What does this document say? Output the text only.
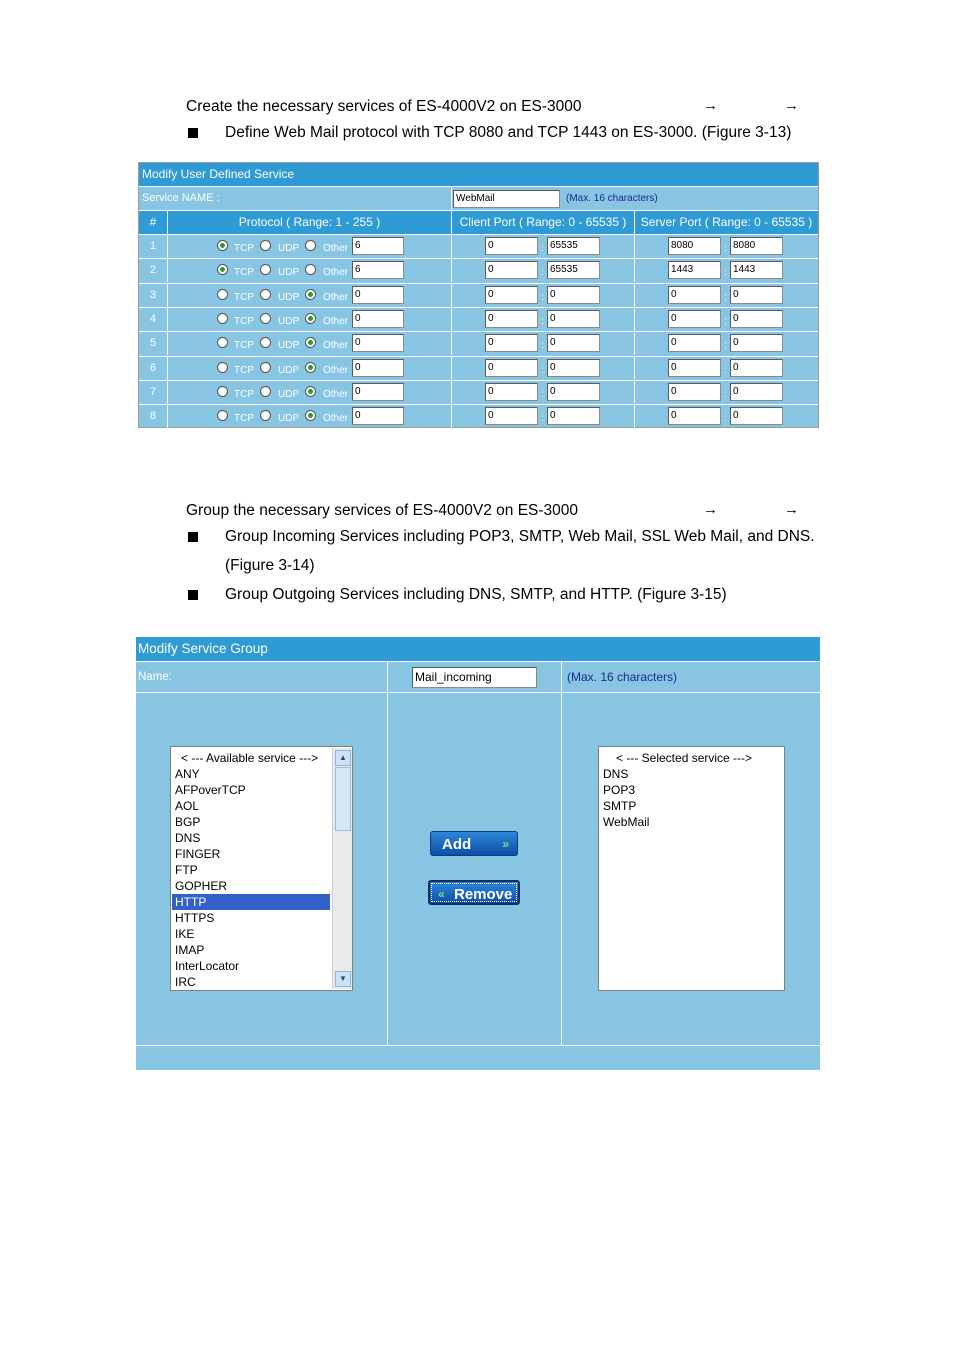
Create the necessary services of ES-4000V2 on ES-3000	→	→
Define Web Mail protocol with TCP 8080 and TCP 1443 on ES-3000. (Figure 3-13)
Modify User Defined Service
Service NAME :	WebMail	(Max. 16 characters)
#	Protocol ( Range: 1 - 255 )	Client Port ( Range: 0 - 65535 )	Server Port ( Range: 0 - 65535 )
1	TCP UDP Other 6	0	: 65535	8080	: 8080
2	TCP UDP Other 6	0	: 65535	1443	: 1443
3	TCP UDP Other 0	0	: 0	0	: 0
4	TCP UDP Other 0	0	: 0	0	: 0
5	TCP UDP Other 0	0	: 0	0	: 0
6	TCP UDP Other 0	0	: 0	0	: 0
7	TCP UDP Other 0	0	: 0	0	: 0
8	TCP UDP Other 0	0	: 0	0	: 0
Group the necessary services of ES-4000V2 on ES-3000	→	→
Group Incoming Services including POP3, SMTP, Web Mail, SSL Web Mail, and DNS.
(Figure 3-14)
Group Outgoing Services including DNS, SMTP, and HTTP. (Figure 3-15)
Modify Service Group
Name:	Mail_incoming	(Max. 16 characters)
< --- Available service --->
ANY
AFPoverTCP
AOL
BGP
DNS
FINGER
FTP
GOPHER
HTTP
HTTPS
IKE
IMAP
InterLocator
IRC
▲
▼
Add	»
« Remove
< --- Selected service --->
DNS
POP3
SMTP
WebMail
